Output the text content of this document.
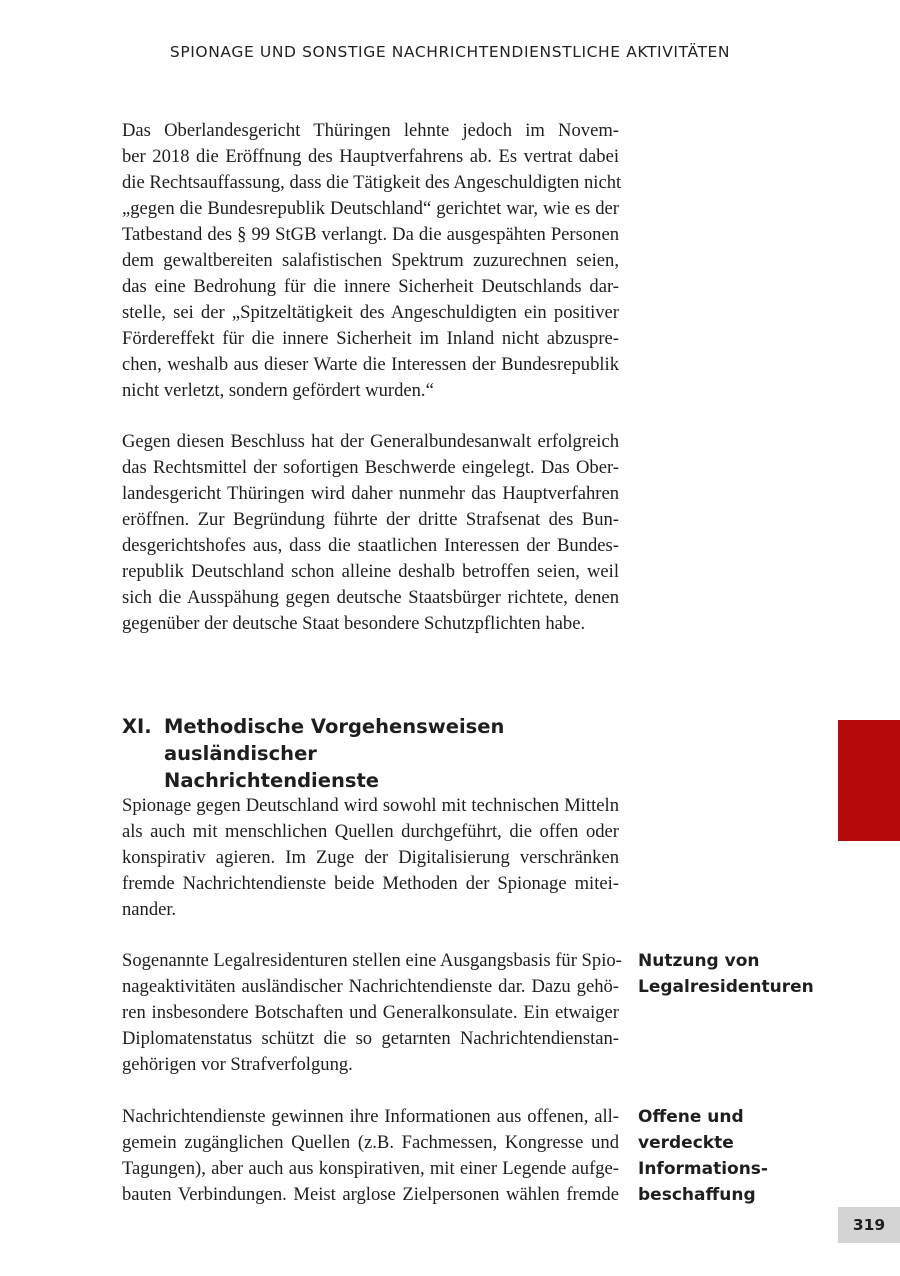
SPIONAGE UND SONSTIGE NACHRICHTENDIENSTLICHE AKTIVITÄTEN

Das Oberlandesgericht Thüringen lehnte jedoch im Novem-
ber 2018 die Eröffnung des Hauptverfahrens ab. Es vertrat dabei
die Rechtsauffassung, dass die Tätigkeit des Angeschuldigten nicht
„gegen die Bundesrepublik Deutschland“ gerichtet war, wie es der
Tatbestand des § 99 StGB verlangt. Da die ausgespähten Personen
dem gewaltbereiten salafistischen Spektrum zuzurechnen seien,
das eine Bedrohung für die innere Sicherheit Deutschlands dar-
stelle, sei der „Spitzeltätigkeit des Angeschuldigten ein positiver
Fördereffekt für die innere Sicherheit im Inland nicht abzuspre-
chen, weshalb aus dieser Warte die Interessen der Bundesrepublik
nicht verletzt, sondern gefördert wurden.“

Gegen diesen Beschluss hat der Generalbundesanwalt erfolgreich
das Rechtsmittel der sofortigen Beschwerde eingelegt. Das Ober-
landesgericht Thüringen wird daher nunmehr das Hauptverfahren
eröffnen. Zur Begründung führte der dritte Strafsenat des Bun-
desgerichtshofes aus, dass die staatlichen Interessen der Bundes-
republik Deutschland schon alleine deshalb betroffen seien, weil
sich die Ausspähung gegen deutsche Staatsbürger richtete, denen
gegenüber der deutsche Staat besondere Schutzpflichten habe.

XI. Methodische Vorgehensweisen ausländischer
Nachrichtendienste

Spionage gegen Deutschland wird sowohl mit technischen Mitteln
als auch mit menschlichen Quellen durchgeführt, die offen oder
konspirativ agieren. Im Zuge der Digitalisierung verschränken
fremde Nachrichtendienste beide Methoden der Spionage mitei-
nander.

Sogenannte Legalresidenturen stellen eine Ausgangsbasis für Spio-
nageaktivitäten ausländischer Nachrichtendienste dar. Dazu gehö-
ren insbesondere Botschaften und Generalkonsulate. Ein etwaiger
Diplomatenstatus schützt die so getarnten Nachrichtendienstan-
gehörigen vor Strafverfolgung.

Nutzung von
Legalresidenturen

Nachrichtendienste gewinnen ihre Informationen aus offenen, all-
gemein zugänglichen Quellen (z.B. Fachmessen, Kongresse und
Tagungen), aber auch aus konspirativen, mit einer Legende aufge-
bauten Verbindungen. Meist arglose Zielpersonen wählen fremde

Offene und
verdeckte
Informations-
beschaffung
319
